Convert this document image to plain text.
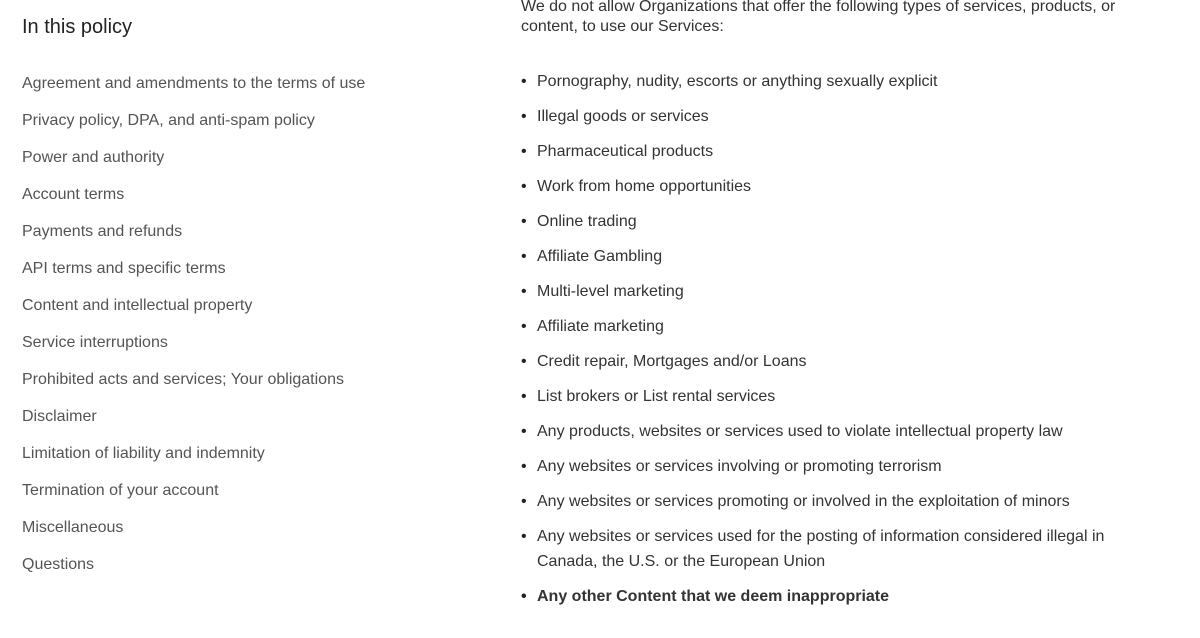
In this policy
Agreement and amendments to the terms of use
Privacy policy, DPA, and anti-spam policy
Power and authority
Account terms
Payments and refunds
API terms and specific terms
Content and intellectual property
Service interruptions
Prohibited acts and services; Your obligations
Disclaimer
Limitation of liability and indemnity
Termination of your account
Miscellaneous
Questions

We do not allow Organizations that offer the following types of services, products, or content, to use our Services:

• Pornography, nudity, escorts or anything sexually explicit
• Illegal goods or services
• Pharmaceutical products
• Work from home opportunities
• Online trading
• Affiliate Gambling
• Multi-level marketing
• Affiliate marketing
• Credit repair, Mortgages and/or Loans
• List brokers or List rental services
• Any products, websites or services used to violate intellectual property law
• Any websites or services involving or promoting terrorism
• Any websites or services promoting or involved in the exploitation of minors
• Any websites or services used for the posting of information considered illegal in Canada, the U.S. or the European Union
• Any other Content that we deem inappropriate
